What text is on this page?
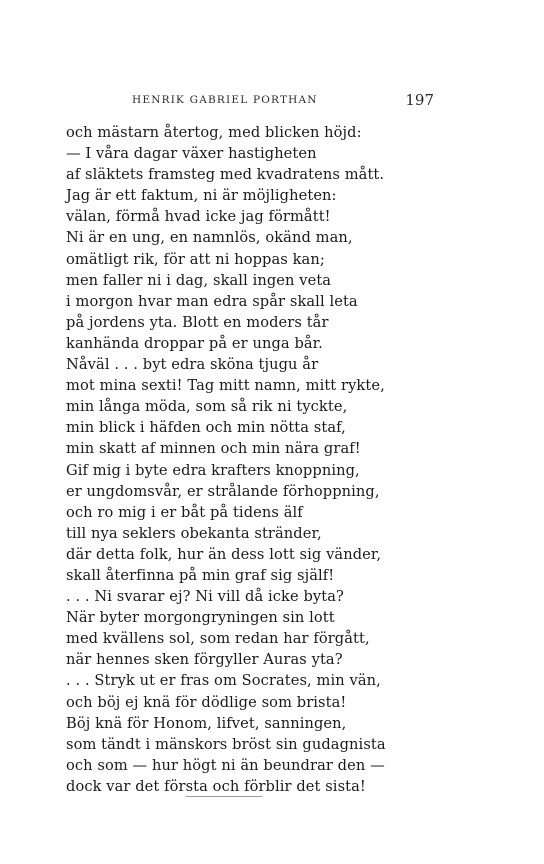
HENRIK GABRIEL PORTHAN	197
och mästarn återtog, med blicken höjd:
— I våra dagar växer hastigheten
af släktets framsteg med kvadratens mått.
Jag är ett faktum, ni är möjligheten:
välan, förmå hvad icke jag förmått!
Ni är en ung, en namnlös, okänd man,
omätligt rik, för att ni hoppas kan;
men faller ni i dag, skall ingen veta
i morgon hvar man edra spår skall leta
på jordens yta. Blott en moders tår
kanhända droppar på er unga bår.
Nåväl . . . byt edra sköna tjugu år
mot mina sexti! Tag mitt namn, mitt rykte,
min långa möda, som så rik ni tyckte,
min blick i häfden och min nötta staf,
min skatt af minnen och min nära graf!
Gif mig i byte edra krafters knoppning,
er ungdomsvår, er strålande förhoppning,
och ro mig i er båt på tidens älf
till nya seklers obekanta stränder,
där detta folk, hur än dess lott sig vänder,
skall återfinna på min graf sig själf!
. . . Ni svarar ej? Ni vill då icke byta?
När byter morgongryningen sin lott
med kvällens sol, som redan har förgått,
när hennes sken förgyller Auras yta?
. . . Stryk ut er fras om Socrates, min vän,
och böj ej knä för dödlige som brista!
Böj knä för Honom, lifvet, sanningen,
som tändt i mänskors bröst sin gudagnista
och som — hur högt ni än beundrar den —
dock var det första och förblir det sista!
